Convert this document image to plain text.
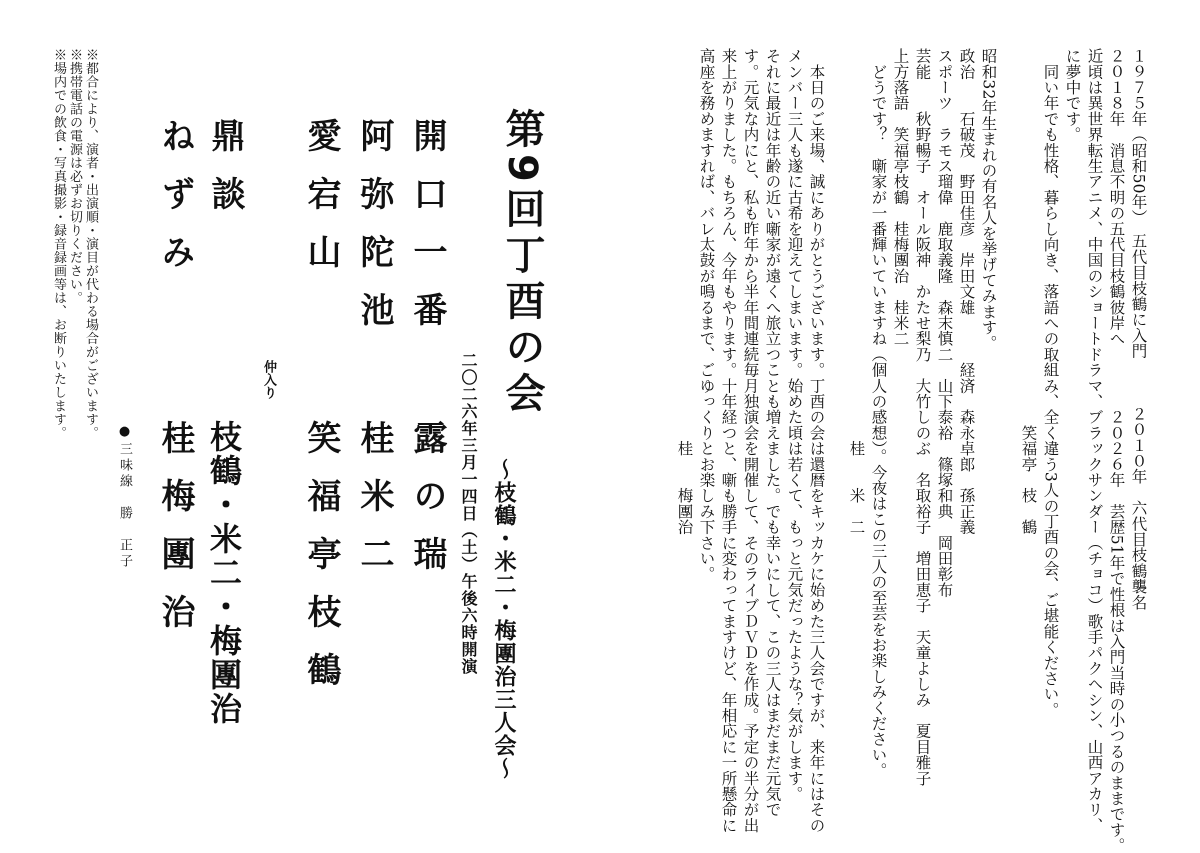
１９７５年（昭和50年）　五代目枝鶴に入門　　　２０１０年　六代目枝鶴襲名
２０１８年　消息不明の五代目枝鶴彼岸へ　　　　２０２６年　芸歴51年で性根は入門当時の小つるのままです。
近頃は異世界転生アニメ、中国のショートドラマ、ブラックサンダー（チョコ）歌手パクヘシン、山西アカリ、
に夢中です。
　同い年でも性格、暮らし向き、落語への取組み、全く違う3人の丁酉の会、ご堪能ください。
　　　　　　　　　　　　　　　　　　　　　　　　笑福亭　枝　鶴
昭和32年生まれの有名人を挙げてみます。
政治　　石破茂　野田佳彦　岸田文雄　　　経済　森永卓郎　孫正義
スポーツ　ラモス瑠偉　鹿取義隆　森末慎二　山下泰裕　篠塚和典　岡田彰布
芸能　　秋野暢子　オール阪神　かたせ梨乃　大竹しのぶ　名取裕子　増田恵子　天童よしみ　夏目雅子
上方落語　笑福亭枝鶴　桂梅團治　桂米二
　どうです？　噺家が一番輝いていますね（個人の感想）。今夜はこの三人の至芸をお楽しみください。
　　　　　　　　　　　　　　　　　　　　　　　　　桂　　米　二
　本日のご来場、誠にありがとうございます。丁酉の会は還暦をキッカケに始めた三人会ですが、来年にはその
メンバー三人も遂に古希を迎えてしまいます。始めた頃は若くて、もっと元気だったような？気がします。
それに最近は年齢の近い噺家が遠くへ旅立つことも増えました。でも幸いにして、この三人はまだまだ元気で
す。元気な内にと、私も昨年から半年間連続毎月独演会を開催して、そのライブＤＶＤを作成。予定の半分が出
来上がりました。もちろん、今年もやります。十年経つと、噺も勝手に変わってますけど、年相応に一所懸命に
高座を務めますれば、バレ太鼓が鳴るまで、ごゆっくりとお楽しみ下さい。
　　　　　　　　　　　　　　　　　　　　　　　　　桂　　梅團治
第9回丁酉の会
～枝鶴・米二・梅團治三人会～
二〇二六年三月一四日（土）午後六時開演
開口一番
露の瑞
阿弥陀池
桂米二
愛宕山
笑福亭枝鶴
仲入り
鼎談
枝鶴・米二・梅團治
ねずみ
桂梅團治
●三味線　勝　正子
※都合により、演者・出演順・演目が代わる場合がございます。
※携帯電話の電源は必ずお切りください。
※場内での飲食・写真撮影・録音録画等は、お断りいたします。
